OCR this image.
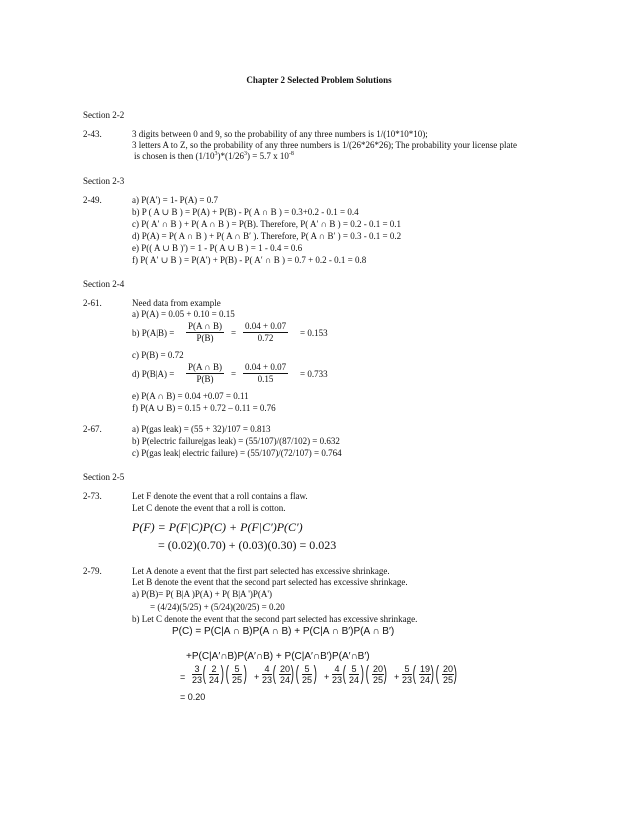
Chapter 2 Selected Problem Solutions
Section 2-2
2-43.	3 digits between 0 and 9, so the probability of any three numbers is 1/(10*10*10);
3 letters A to Z, so the probability of any three numbers is 1/(26*26*26); The probability your license plate
is chosen is then $(1/10^3)*(1/26^3) = 5.7$ x $10^{-8}$
Section 2-3
2-49.	a) P(A') = 1- P(A) = 0.7
b) P ( A ∪ B ) = P(A) + P(B) - P( A ∩ B ) = 0.3+0.2 - 0.1 = 0.4
c) P( A′ ∩ B ) + P( A ∩ B ) = P(B). Therefore, P( A′ ∩ B ) = 0.2 - 0.1 = 0.1
d) P(A) = P( A ∩ B ) + P( A ∩ B′ ). Therefore, P( A ∩ B′ ) = 0.3 - 0.1 = 0.2
e) P(( A ∪ B )') = 1 - P( A ∪ B ) = 1 - 0.4 = 0.6
f) P( A′ ∪ B ) = P(A') + P(B) - P( A′ ∩ B ) = 0.7 + 0.2 - 0.1 = 0.8
Section 2-4
2-61.	Need data from example
a) P(A) = 0.05 + 0.10 = 0.15
b) $P(A|B) = \frac{P(A \cap B)}{P(B)} = \frac{0.04 + 0.07}{0.72} = 0.153$
c) P(B) = 0.72
d) $P(B|A) = \frac{P(A \cap B)}{P(B)} = \frac{0.04 + 0.07}{0.15} = 0.733$
e) P(A ∩ B) = 0.04 +0.07 = 0.11
f) P(A ∪ B) = 0.15 + 0.72 – 0.11 = 0.76
2-67.	a) P(gas leak) = (55 + 32)/107 = 0.813
b) P(electric failure|gas leak) = (55/107)/(87/102) = 0.632
c) P(gas leak| electric failure) = (55/107)/(72/107) = 0.764
Section 2-5
2-73.	Let F denote the event that a roll contains a flaw.
Let C denote the event that a roll is cotton.
P(F) = P(F|C)P(C) + P(F|C′)P(C′)
= (0.02)(0.70) + (0.03)(0.30) = 0.023
2-79.	Let A denote a event that the first part selected has excessive shrinkage.
Let B denote the event that the second part selected has excessive shrinkage.
a) P(B)= P( B|A )P(A) + P( B|A ')P(A')
= (4/24)(5/25) + (5/24)(20/25) = 0.20
b) Let C denote the event that the second part selected has excessive shrinkage.
P(C) = P(C|A ∩ B)P(A ∩ B) + P(C|A ∩ B′)P(A ∩ B′)
+P(C|A′∩B)P(A′∩B) + P(C|A′∩B′)P(A′∩B′)
= $\frac{3}{23}$ ( $\frac{2}{24}$ ) ( $\frac{5}{25}$ ) + $\frac{4}{23}$ ( $\frac{20}{24}$ ) ( $\frac{5}{25}$ ) + $\frac{4}{23}$ ( $\frac{5}{24}$ ) ( $\frac{20}{25}$ ) + $\frac{5}{23}$ ( $\frac{19}{24}$ ) ( $\frac{20}{25}$ )
= 0.20
